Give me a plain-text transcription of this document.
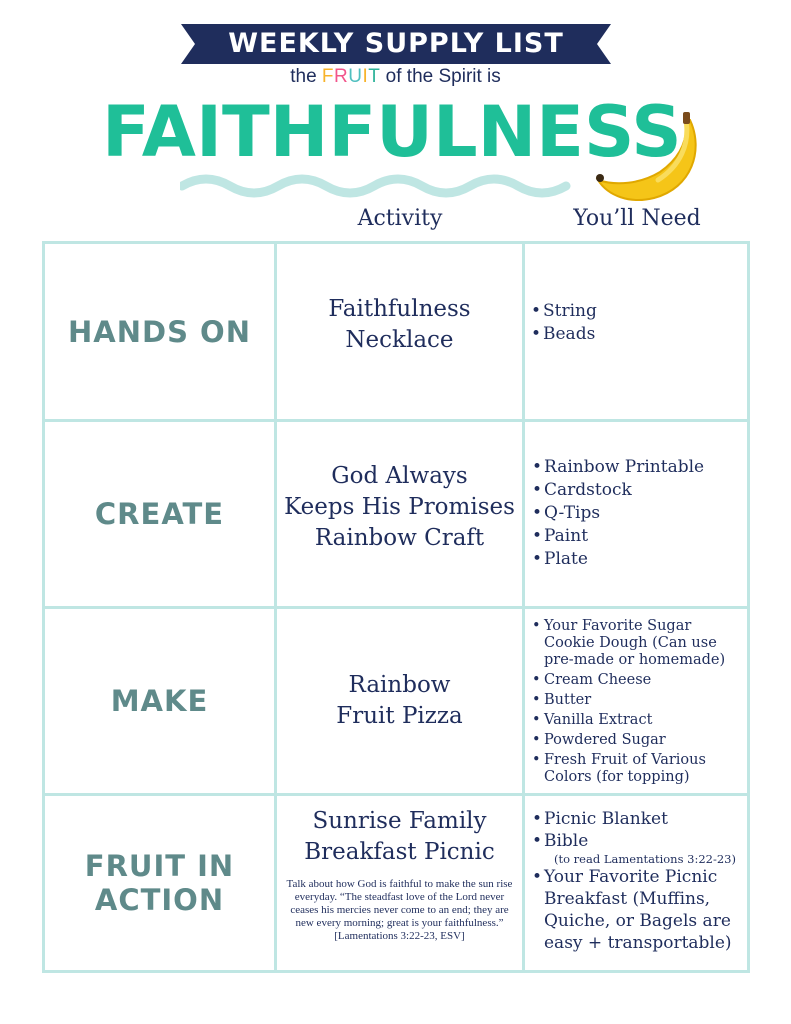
WEEKLY SUPPLY LIST
the FRUIT of the Spirit is
FAITHFULNESS
Activity	You’ll Need
HANDS ON
Faithfulness
Necklace
• String
• Beads
CREATE
God Always
Keeps His Promises
Rainbow Craft
• Rainbow Printable
• Cardstock
• Q-Tips
• Paint
• Plate
MAKE	Rainbow
Fruit Pizza
• Your Favorite Sugar Cookie Dough (Can use pre-made or homemade)
• Cream Cheese
• Butter
• Vanilla Extract
• Powdered Sugar
• Fresh Fruit of Various Colors (for topping)
FRUIT IN ACTION
Sunrise Family
Breakfast Picnic
Talk about how God is faithful to make the sun rise everyday. “The steadfast love of the Lord never ceases his mercies never come to an end; they are new every morning; great is your faithfulness.” [Lamentations 3:22-23, ESV]
• Picnic Blanket
• Bible
(to read Lamentations 3:22-23)
• Your Favorite Picnic Breakfast (Muffins, Quiche, or Bagels are easy + transportable)
